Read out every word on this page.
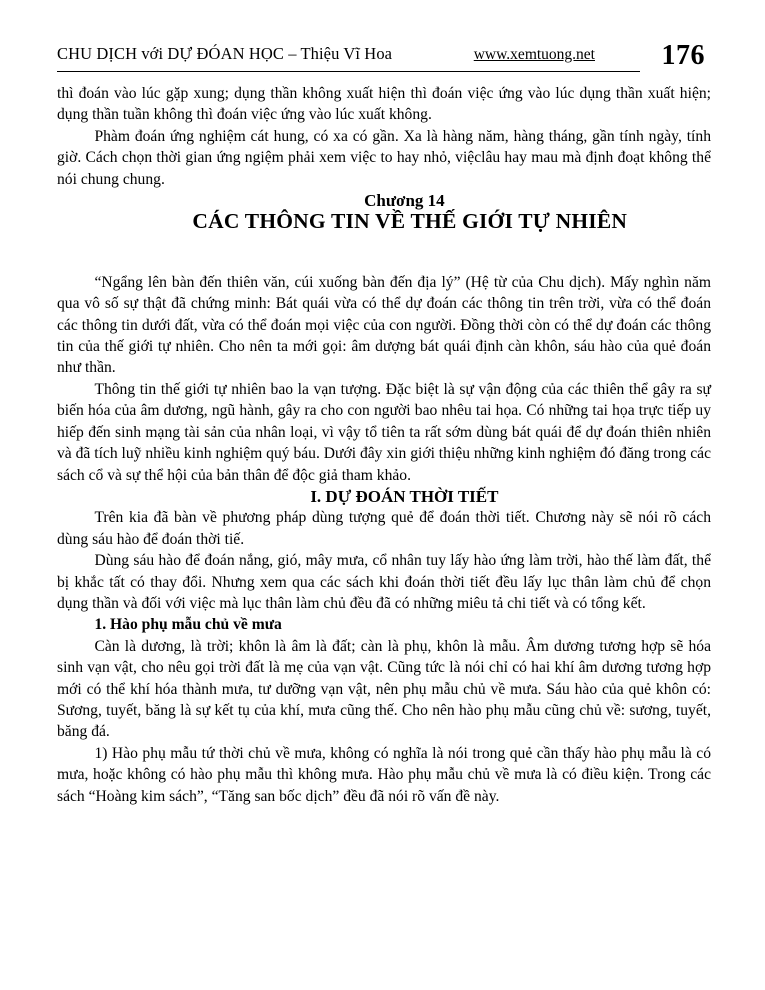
CHU DỊCH với DỰ ĐÓAN HỌC – Thiệu Vĩ Hoa	www.xemtuong.net 176

thì đoán vào lúc gặp xung; dụng thần không xuất hiện thì đoán việc ứng vào lúc dụng thần xuất hiện; dụng thần tuần không thì đoán việc ứng vào lúc xuất không.

Phàm đoán ứng nghiệm cát hung, có xa có gần. Xa là hàng năm, hàng tháng, gần tính ngày, tính giờ. Cách chọn thời gian ứng ngiệm phải xem việc to hay nhỏ, việclâu hay mau mà định đoạt không thể nói chung chung.

Chương 14

CÁC THÔNG TIN VỀ THẾ GIỚI TỰ NHIÊN

“Ngẩng lên bàn đến thiên văn, cúi xuống bàn đến địa lý” (Hệ từ của Chu dịch). Mấy nghìn năm qua vô số sự thật đã chứng minh: Bát quái vừa có thể dự đoán các thông tin trên trời, vừa có thể đoán các thông tin dưới đất, vừa có thể đoán mọi việc của con người. Đồng thời còn có thể dự đoán các thông tin của thế giới tự nhiên. Cho nên ta mới gọi: âm dượng bát quái định càn khôn, sáu hào của quẻ đoán như thần.

Thông tin thế giới tự nhiên bao la vạn tượng. Đặc biệt là sự vận động của các thiên thể gây ra sự biến hóa của âm dương, ngũ hành, gây ra cho con người bao nhêu tai họa. Có những tai họa trực tiếp uy hiếp đến sinh mạng tài sản của nhân loại, vì vậy tổ tiên ta rất sớm dùng bát quái để dự đoán thiên nhiên và đã tích luỹ nhiều kinh nghiệm quý báu. Dưới đây xin giới thiệu những kinh nghiệm đó đăng trong các sách cổ và sự thể hội của bản thân để độc giả tham khảo.

I. DỰ ĐOÁN THỜI TIẾT

Trên kia đã bàn về phương pháp dùng tượng quẻ để đoán thời tiết. Chương này sẽ nói rõ cách dùng sáu hào để đoán thời tiế.

Dùng sáu hào để đoán nắng, gió, mây mưa, cổ nhân tuy lấy hào ứng làm trời, hào thế làm đất, thể bị khắc tất có thay đổi. Nhưng xem qua các sách khi đoán thời tiết đều lấy lục thân làm chủ để chọn dụng thần và đối với việc mà lục thân làm chủ đều đã có những miêu tả chi tiết và có tổng kết.

1. Hào phụ mẫu chủ về mưa

Càn là dương, là trời; khôn là âm là đất; càn là phụ, khôn là mẫu. Âm dương tương hợp sẽ hóa sinh vạn vật, cho nêu gọi trời đất là mẹ của vạn vật. Cũng tức là nói chỉ có hai khí âm dương tương hợp mới có thể khí hóa thành mưa, tư dưỡng vạn vật, nên phụ mẫu chủ về mưa. Sáu hào của quẻ khôn có: Sương, tuyết, băng là sự kết tụ của khí, mưa cũng thế. Cho nên hào phụ mẫu cũng chủ về: sương, tuyết, băng đá.

1) Hào phụ mẫu tứ thời chủ về mưa, không có nghĩa là nói trong quẻ cần thấy hào phụ mẫu là có mưa, hoặc không có hào phụ mẫu thì không mưa. Hào phụ mẫu chủ về mưa là có điều kiện. Trong các sách “Hoàng kim sách”, “Tăng san bốc dịch” đều đã nói rõ vấn đề này.
